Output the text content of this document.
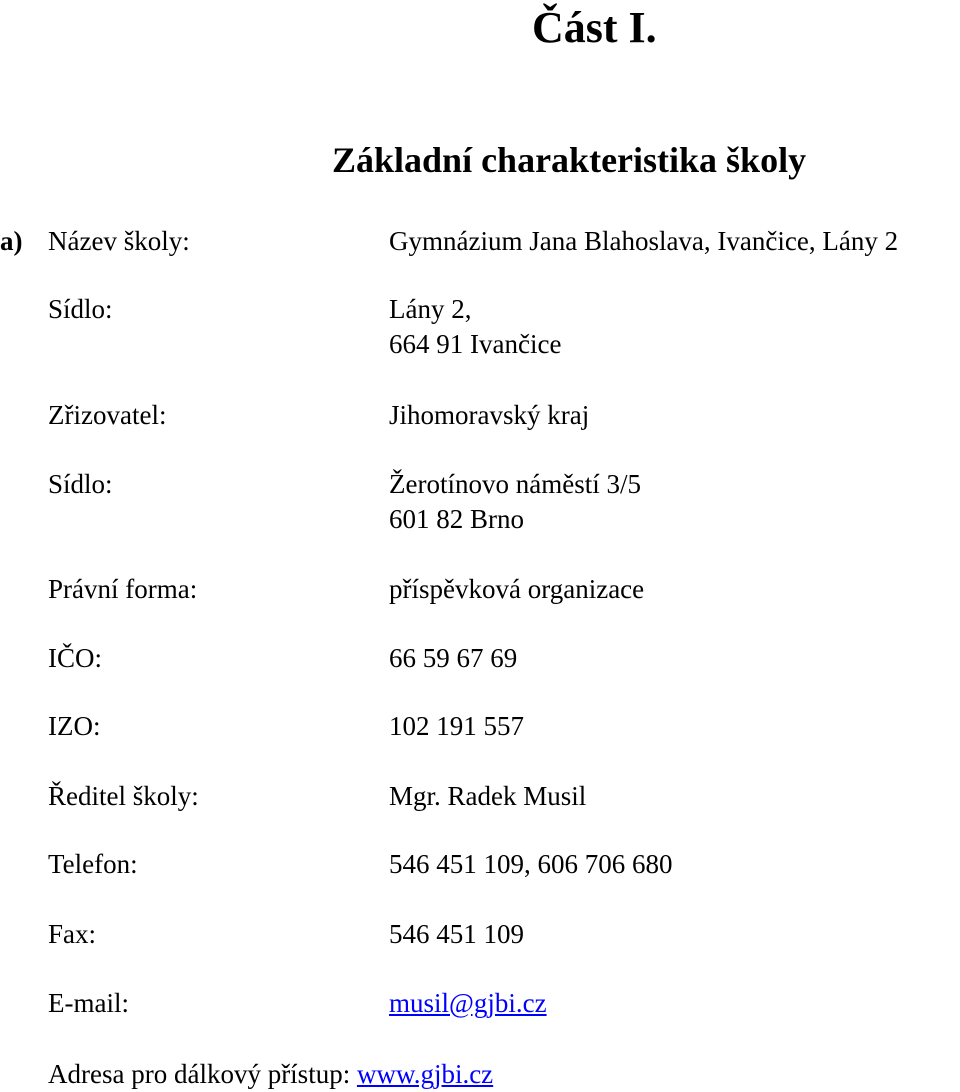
Část I.
Základní charakteristika školy
a) Název školy:	Gymnázium Jana Blahoslava, Ivančice, Lány 2
Sídlo:	Lány 2,
664 91 Ivančice
Zřizovatel:	Jihomoravský kraj
Sídlo:	Žerotínovo náměstí 3/5
601 82 Brno
Právní forma:	příspěvková organizace
IČO:	66 59 67 69
IZO:	102 191 557
Ředitel školy:	Mgr. Radek Musil
Telefon:	546 451 109, 606 706 680
Fax:	546 451 109
E-mail:	musil@gjbi.cz
Adresa pro dálkový přístup: www.gjbi.cz
